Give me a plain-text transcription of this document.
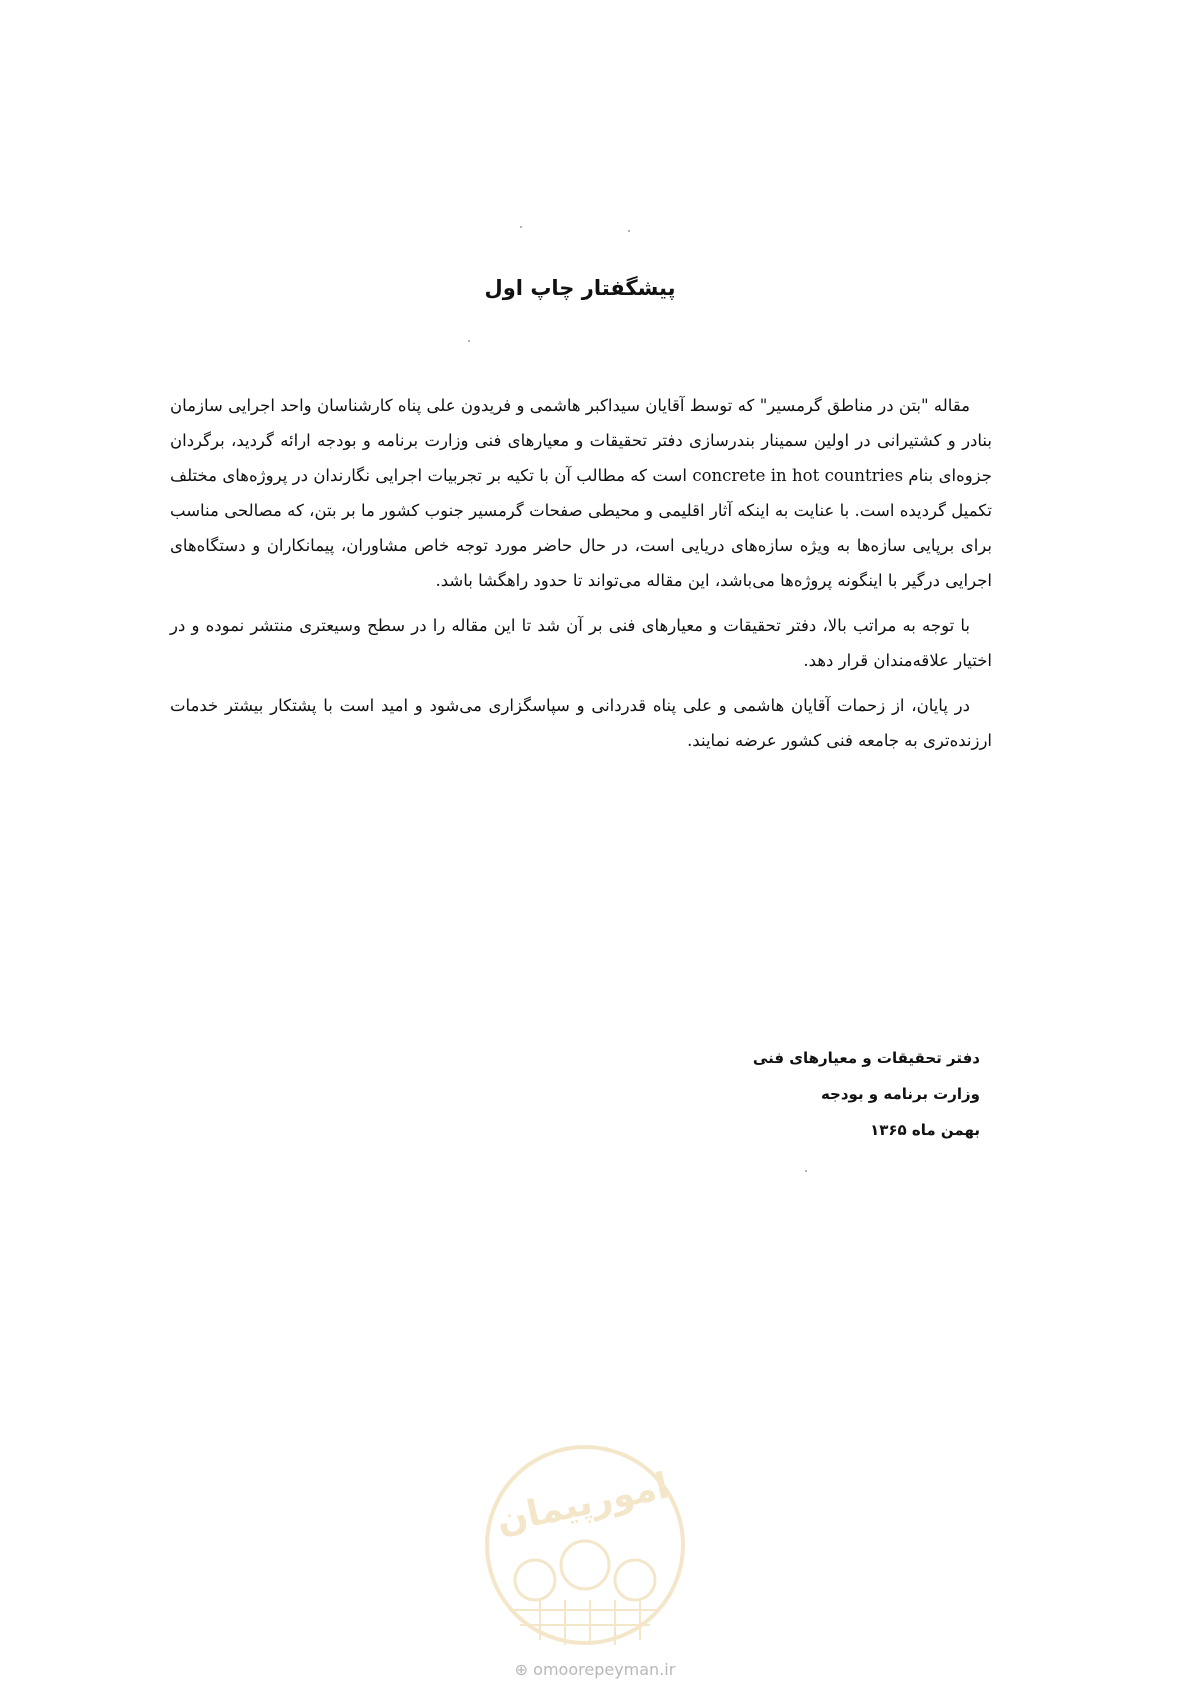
پیشگفتار چاپ اول

مقاله "بتن در مناطق گرمسیر" که توسط آقایان سیداکبر هاشمی و فریدون علی پناه کارشناسان واحد اجرایی سازمان بنادر و کشتیرانی در اولین سمینار بندرسازی دفتر تحقیقات و معیارهای فنی وزارت برنامه و بودجه ارائه گردید، برگردان جزوه‌ای بنام concrete in hot countries است که مطالب آن با تکیه بر تجربیات اجرایی نگارندان در پروژه‌های مختلف تکمیل گردیده است. با عنایت به اینکه آثار اقلیمی و محیطی صفحات گرمسیر جنوب کشور ما بر بتن، که مصالحی مناسب برای برپایی سازه‌ها به ویژه سازه‌های دریایی است، در حال حاضر مورد توجه خاص مشاوران، پیمانکاران و دستگاه‌های اجرایی درگیر با اینگونه پروژه‌ها می‌باشد، این مقاله می‌تواند تا حدود راهگشا باشد.

با توجه به مراتب بالا، دفتر تحقیقات و معیارهای فنی بر آن شد تا این مقاله را در سطح وسیعتری منتشر نموده و در اختیار علاقه‌مندان قرار دهد.

در پایان، از زحمات آقایان هاشمی و علی پناه قدردانی و سپاسگزاری می‌شود و امید است با پشتکار بیشتر خدمات ارزنده‌تری به جامعه فنی کشور عرضه نمایند.

دفتر تحقیقات و معیارهای فنی
وزارت برنامه و بودجه
بهمن ماه ۱۳۶۵
امورپیمان
⊕ omoorepeyman.ir
